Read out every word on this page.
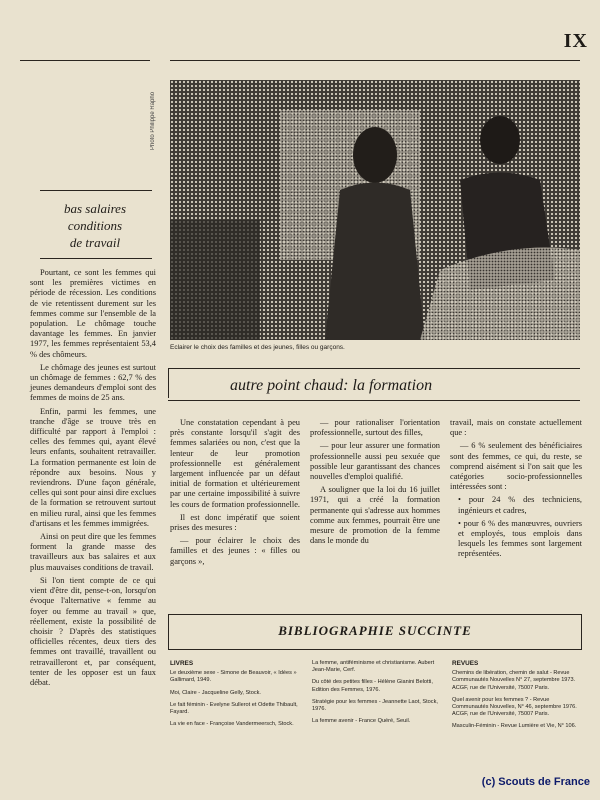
IX
Photo Philippe Rapho
Eclairer le choix des familles et des jeunes, filles ou garçons.
bas salaires
conditions
de travail

Pourtant, ce sont les femmes qui sont les premières victimes en période de récession. Les conditions de vie retentissent durement sur les femmes comme sur l'ensemble de la population. Le chômage touche davantage les femmes. En janvier 1977, les femmes représentaient 53,4 % des chômeurs.

Le chômage des jeunes est surtout un chômage de femmes : 62,7 % des jeunes demandeurs d'emploi sont des femmes de moins de 25 ans.

Enfin, parmi les femmes, une tranche d'âge se trouve très en difficulté par rapport à l'emploi : celles des femmes qui, ayant élevé leurs enfants, souhaitent retravailler. La formation permanente est loin de répondre aux besoins. Nous y reviendrons. D'une façon générale, celles qui sont pour ainsi dire exclues de la formation se retrouvent surtout en milieu rural, ainsi que les femmes d'artisans et les femmes immigrées.

Ainsi on peut dire que les femmes forment la grande masse des travailleurs aux bas salaires et aux plus mauvaises conditions de travail.

Si l'on tient compte de ce qui vient d'être dit, pense-t-on, lorsqu'on évoque l'alternative « femme au foyer ou femme au travail » que, réellement, existe la possibilité de choisir ? D'après des statistiques officielles récentes, deux tiers des femmes ont travaillé, travaillent ou retravailleront et, par conséquent, tenter de les opposer est un faux débat.

autre point chaud: la formation

Une constatation cependant à peu près constante lorsqu'il s'agit des femmes salariées ou non, c'est que la lenteur de leur promotion professionnelle est généralement largement influencée par un défaut initial de formation et ultérieurement par une certaine impossibilité à suivre les cours de formation professionnelle.

Il est donc impératif que soient prises des mesures :

— pour éclairer le choix des familles et des jeunes : « filles ou garçons »,

— pour rationaliser l'orientation professionnelle, surtout des filles,

— pour leur assurer une formation professionnelle aussi peu sexuée que possible leur garantissant des chances nouvelles d'emploi qualifié.

A souligner que la loi du 16 juillet 1971, qui a créé la formation permanente qui s'adresse aux hommes comme aux femmes, pourrait être une mesure de promotion de la femme dans le monde du

travail, mais on constate actuellement que :

— 6 % seulement des bénéficiaires sont des femmes, ce qui, du reste, se comprend aisément si l'on sait que les catégories socio-professionnelles intéressées sont :

• pour 24 % des techniciens, ingénieurs et cadres,

• pour 6 % des manœuvres, ouvriers et employés, tous emplois dans lesquels les femmes sont largement représentées.

BIBLIOGRAPHIE SUCCINTE
LIVRES

Le deuxième sexe - Simone de Beauvoir, « Idées » Gallimard, 1949.

Moi, Claire - Jacqueline Gelly, Stock.

Le fait féminin - Evelyne Sullerot et Odette Thibault, Fayard.

La vie en face - Françoise Vandermeersch, Stock.

La femme, antiféminisme et christianisme. Aubert Jean-Marie, Cerf.

Du côté des petites filles - Hélène Gianini Belotti, Edition des Femmes, 1976.

Stratégie pour les femmes - Jeannette Laot, Stock, 1976.

La femme avenir - France Quéré, Seuil.

REVUES

Chemins de libération, chemin de salut - Revue Communautés Nouvelles N° 27, septembre 1973. ACGF, rue de l'Université, 75007 Paris.

Quel avenir pour les femmes ? - Revue Communautés Nouvelles, N° 46, septembre 1976. ACGF, rue de l'Université, 75007 Paris.

Masculin-Féminin - Revue Lumière et Vie, N° 106.

(c) Scouts de France
